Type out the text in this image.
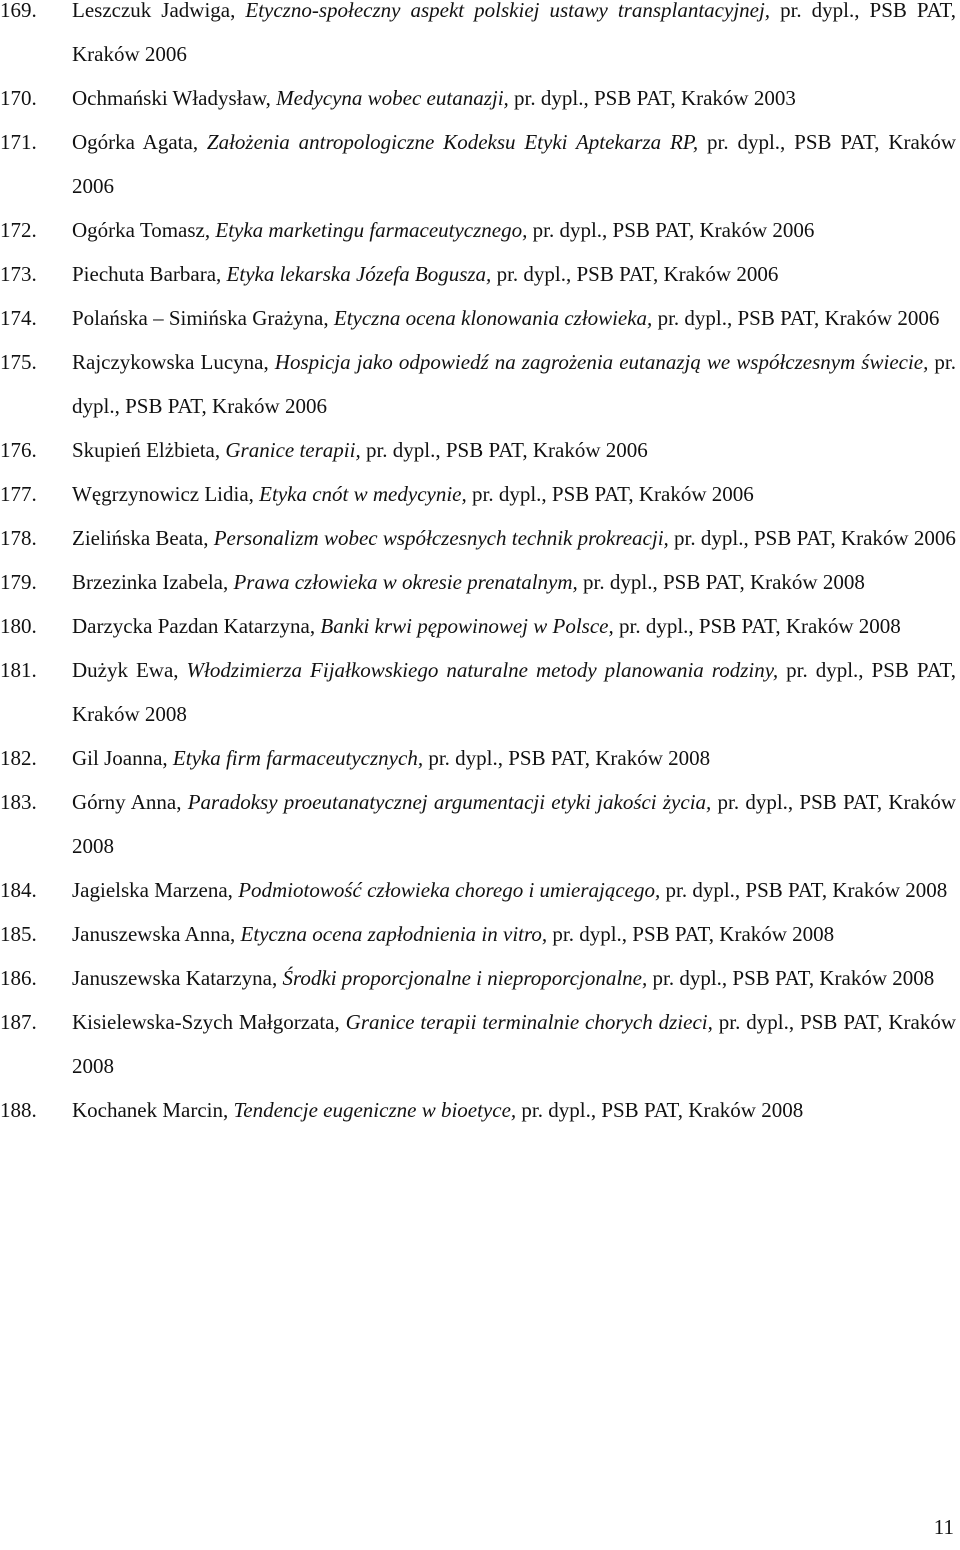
169. Leszczuk Jadwiga, Etyczno-społeczny aspekt polskiej ustawy transplantacyjnej, pr. dypl., PSB PAT, Kraków 2006
170. Ochmański Władysław, Medycyna wobec eutanazji, pr. dypl., PSB PAT, Kraków 2003
171. Ogórka Agata, Założenia antropologiczne Kodeksu Etyki Aptekarza RP, pr. dypl., PSB PAT, Kraków 2006
172. Ogórka Tomasz, Etyka marketingu farmaceutycznego, pr. dypl., PSB PAT, Kraków 2006
173. Piechuta Barbara, Etyka lekarska Józefa Bogusza, pr. dypl., PSB PAT, Kraków 2006
174. Polańska – Simińska Grażyna, Etyczna ocena klonowania człowieka, pr. dypl., PSB PAT, Kraków 2006
175. Rajczykowska Lucyna, Hospicja jako odpowiedź na zagrożenia eutanazją we współczesnym świecie, pr. dypl., PSB PAT, Kraków 2006
176. Skupień Elżbieta, Granice terapii, pr. dypl., PSB PAT, Kraków 2006
177. Węgrzynowicz Lidia, Etyka cnót w medycynie, pr. dypl., PSB PAT, Kraków 2006
178. Zielińska Beata, Personalizm wobec współczesnych technik prokreacji, pr. dypl., PSB PAT, Kraków 2006
179. Brzezinka Izabela, Prawa człowieka w okresie prenatalnym, pr. dypl., PSB PAT, Kraków 2008
180. Darzycka Pazdan Katarzyna, Banki krwi pępowinowej w Polsce, pr. dypl., PSB PAT, Kraków 2008
181. Dużyk Ewa, Włodzimierza Fijałkowskiego naturalne metody planowania rodziny, pr. dypl., PSB PAT, Kraków 2008
182. Gil Joanna, Etyka firm farmaceutycznych, pr. dypl., PSB PAT, Kraków 2008
183. Górny Anna, Paradoksy proeutanatycznej argumentacji etyki jakości życia, pr. dypl., PSB PAT, Kraków 2008
184. Jagielska Marzena, Podmiotowość człowieka chorego i umierającego, pr. dypl., PSB PAT, Kraków 2008
185. Januszewska Anna, Etyczna ocena zapłodnienia in vitro, pr. dypl., PSB PAT, Kraków 2008
186. Januszewska Katarzyna, Środki proporcjonalne i nieproporcjonalne, pr. dypl., PSB PAT, Kraków 2008
187. Kisielewska-Szych Małgorzata, Granice terapii terminalnie chorych dzieci, pr. dypl., PSB PAT, Kraków 2008
188. Kochanek Marcin, Tendencje eugeniczne w bioetyce, pr. dypl., PSB PAT, Kraków 2008
11
